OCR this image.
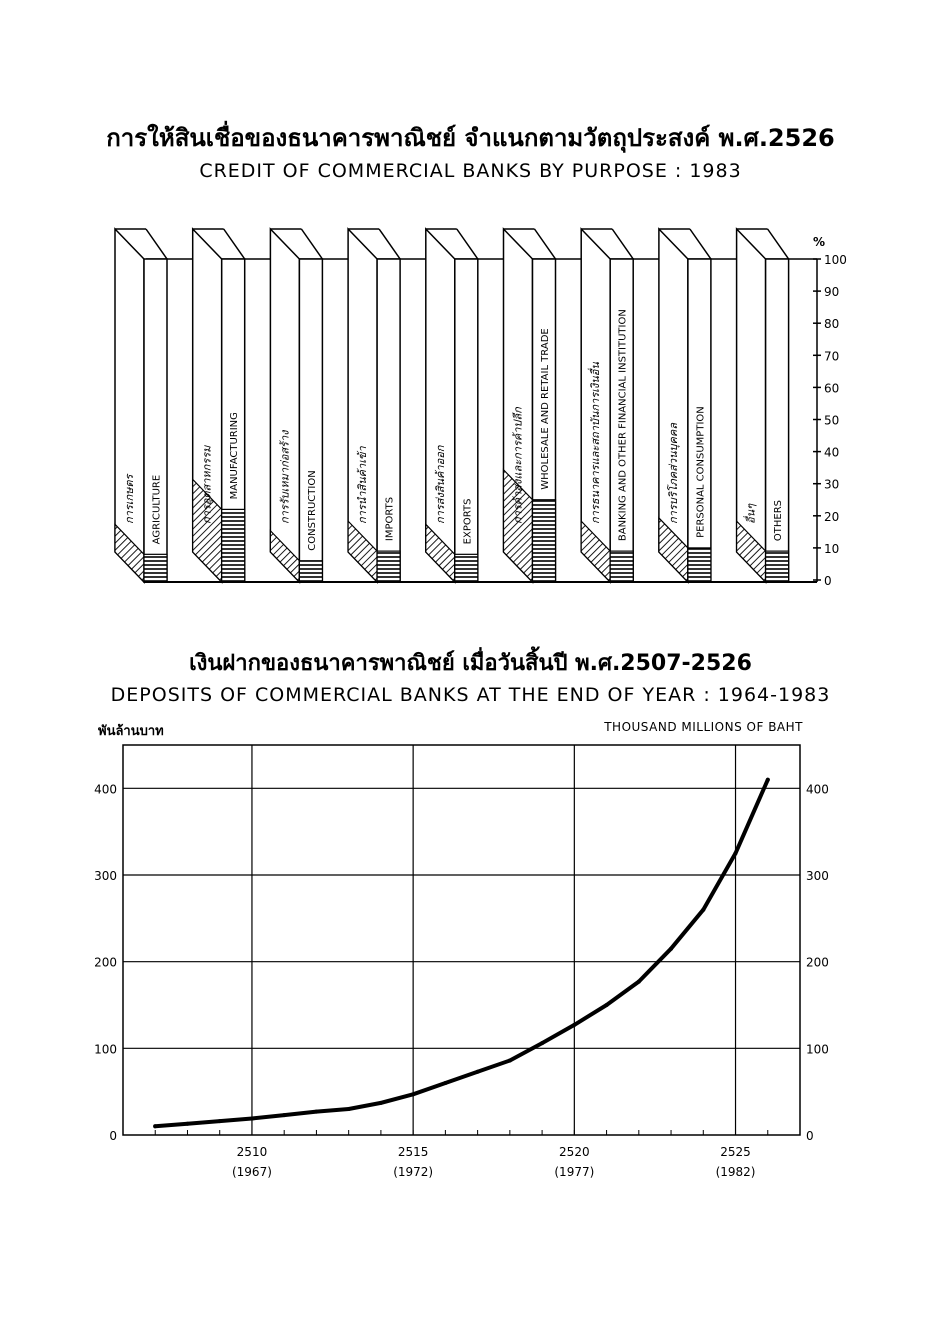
การให้สินเชื่อของธนาคารพาณิชย์ จำแนกตามวัตถุประสงค์ พ.ศ.2526
CREDIT OF COMMERCIAL BANKS BY PURPOSE : 1983
เงินฝากของธนาคารพาณิชย์ เมื่อวันสิ้นปี พ.ศ.2507-2526
DEPOSITS OF COMMERCIAL BANKS AT THE END OF YEAR : 1964-1983
พันล้านบาท	THOUSAND MILLIONS OF BAHT
การเกษตร AGRICULTURE	การอุตสาหกรรม MANUFACTURING	การรับเหมาก่อสร้าง CONSTRUCTION	การนำสินค้าเข้า IMPORTS	การส่งสินค้าออก EXPORTS	การค้าส่งและการค้าปลีก WHOLESALE AND RETAIL TRADE	การธนาคารและสถาบันการเงินอื่น BANKING AND OTHER FINANCIAL INSTITUTION	การบริโภคส่วนบุคคล PERSONAL CONSUMPTION	อื่นๆ OTHERS
0
10
20
30
40
50
60
70
80
90
100
%
0	0
100	100
200	200
300	300
400	400
2510
(1967)
2515
(1972)
2520
(1977)
2525
(1982)
